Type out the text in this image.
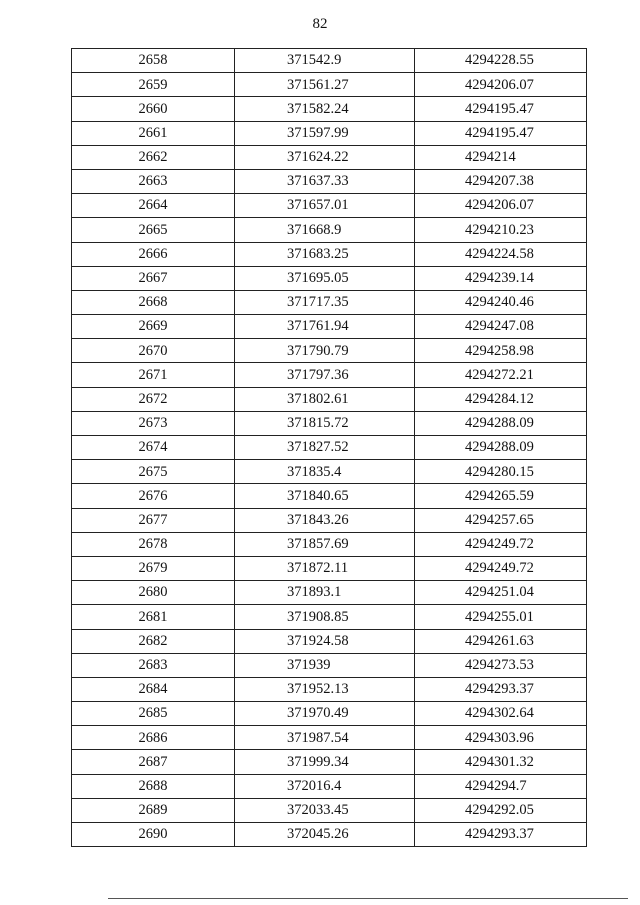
82
2658	371542.9	4294228.55
2659	371561.27	4294206.07
2660	371582.24	4294195.47
2661	371597.99	4294195.47
2662	371624.22	4294214
2663	371637.33	4294207.38
2664	371657.01	4294206.07
2665	371668.9	4294210.23
2666	371683.25	4294224.58
2667	371695.05	4294239.14
2668	371717.35	4294240.46
2669	371761.94	4294247.08
2670	371790.79	4294258.98
2671	371797.36	4294272.21
2672	371802.61	4294284.12
2673	371815.72	4294288.09
2674	371827.52	4294288.09
2675	371835.4	4294280.15
2676	371840.65	4294265.59
2677	371843.26	4294257.65
2678	371857.69	4294249.72
2679	371872.11	4294249.72
2680	371893.1	4294251.04
2681	371908.85	4294255.01
2682	371924.58	4294261.63
2683	371939	4294273.53
2684	371952.13	4294293.37
2685	371970.49	4294302.64
2686	371987.54	4294303.96
2687	371999.34	4294301.32
2688	372016.4	4294294.7
2689	372033.45	4294292.05
2690	372045.26	4294293.37
